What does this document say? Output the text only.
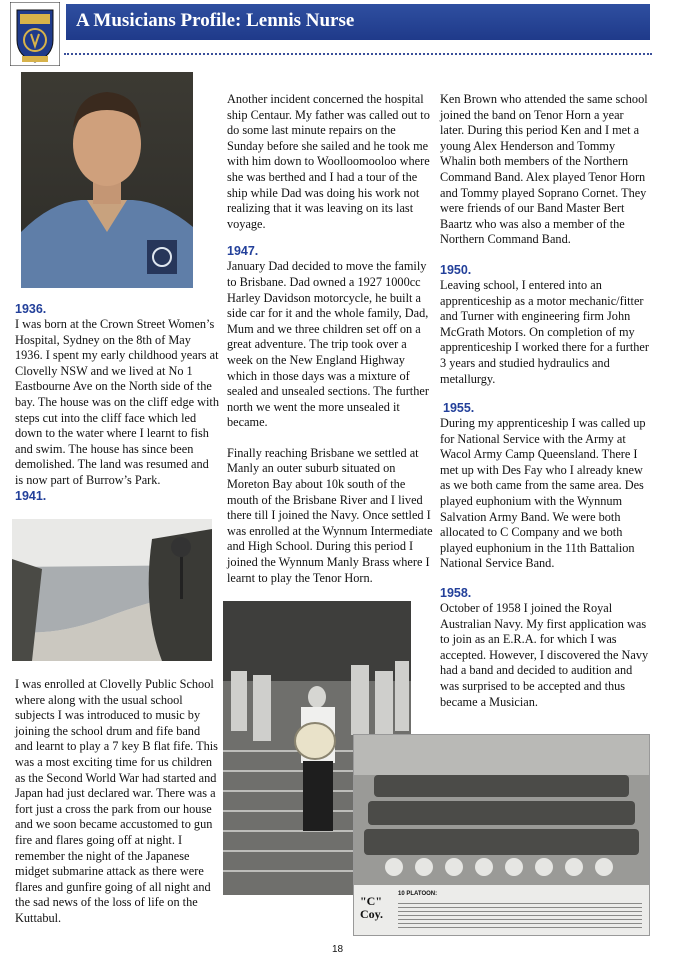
A Musicians Profile: Lennis Nurse

1936.

I was born at the Crown Street Women’s Hospital, Sydney on the 8th of May 1936. I spent my early childhood years at Clovelly NSW and we lived at No 1 Eastbourne Ave on the North side of the bay. The house was on the cliff edge with steps cut into the cliff face which led down to the water where I learnt to fish and swim. The house has since been demolished. The land was resumed and is now part of Burrow’s Park.

1941.

I was enrolled at Clovelly Public School where along with the usual school subjects I was introduced to music by joining the school drum and fife band and learnt to play a 7 key B flat fife. This was a most exciting time for us children as the Second World War had started and Japan had just declared war. There was a fort just a cross the park from our house and we soon became accustomed to gun fire and flares going off at night. I remember the night of the Japanese midget submarine attack as there were flares and gunfire going of all night and the sad news of the loss of life on the Kuttabul.

Another incident concerned the hospital ship Centaur. My father was called out to do some last minute repairs on the Sunday before she sailed and he took me with him down to Woolloomooloo where she was berthed and I had a tour of the ship while Dad was doing his work not realizing that it was leaving on its last voyage.

1947.

January Dad decided to move the family to Brisbane. Dad owned a 1927 1000cc Harley Davidson motorcycle, he built a side car for it and the whole family, Dad, Mum and we three children set off on a great adventure. The trip took over a week on the New England Highway which in those days was a mixture of sealed and unsealed sections. The further north we went the more unsealed it became.

Finally reaching Brisbane we settled at Manly an outer suburb situated on Moreton Bay about 10k south of the mouth of the Brisbane River and I lived there till I joined the Navy. Once settled I was enrolled at the Wynnum Intermediate and High School. During this period I joined the Wynnum Manly Brass where I learnt to play the Tenor Horn.

Ken Brown who attended the same school joined the band on Tenor Horn a year later. During this period Ken and I met a young Alex Henderson and Tommy Whalin both members of the Northern Command Band. Alex played Tenor Horn and Tommy played Soprano Cornet. They were friends of our Band Master Bert Baartz who was also a member of the Northern Command Band.

1950.

Leaving school, I entered into an apprenticeship as a motor mechanic/fitter and Turner with engineering firm John McGrath Motors. On completion of my apprenticeship I worked there for a further 3 years and studied hydraulics and metallurgy.

1955.

During my apprenticeship I was called up for National Service with the Army at Wacol Army Camp Queensland. There I met up with Des Fay who I already knew as we both came from the same area. Des played euphonium with the Wynnum Salvation Army Band. We were both allocated to C Company and we both played euphonium in the 11th Battalion National Service Band.

1958.

October of 1958 I joined the Royal Australian Navy. My first application was to join as an E.R.A. for which I was accepted. However, I discovered the Navy had a band and decided to audition and was surprised to be accepted and thus became a Musician.

"C" Coy.
10 PLATOON:
18
